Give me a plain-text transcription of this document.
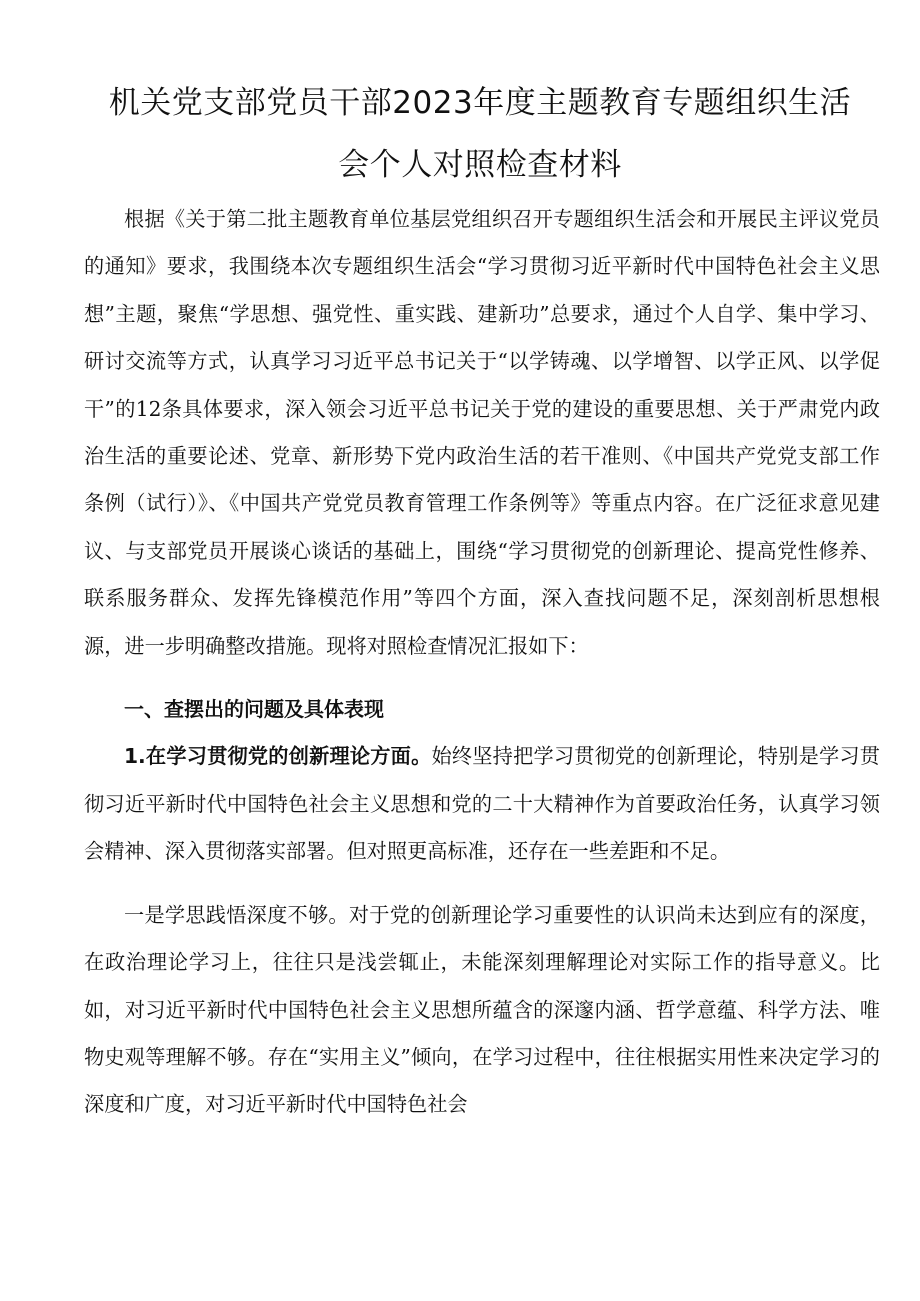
机关党支部党员干部2023年度主题教育专题组织生活
会个人对照检查材料

根据《关于第二批主题教育单位基层党组织召开专题组织生活会和开展民主评议党员的通知》要求，我围绕本次专题组织生活会“学习贯彻习近平新时代中国特色社会主义思想”主题，聚焦“学思想、强党性、重实践、建新功”总要求，通过个人自学、集中学习、研讨交流等方式，认真学习习近平总书记关于“以学铸魂、以学增智、以学正风、以学促干”的12条具体要求，深入领会习近平总书记关于党的建设的重要思想、关于严肃党内政治生活的重要论述、党章、新形势下党内政治生活的若干准则、《中国共产党党支部工作条例（试行）》、《中国共产党党员教育管理工作条例等》等重点内容。在广泛征求意见建议、与支部党员开展谈心谈话的基础上，围绕“学习贯彻党的创新理论、提高党性修养、联系服务群众、发挥先锋模范作用”等四个方面，深入查找问题不足，深刻剖析思想根源，进一步明确整改措施。现将对照检查情况汇报如下：

一、查摆出的问题及具体表现

1.在学习贯彻党的创新理论方面。始终坚持把学习贯彻党的创新理论，特别是学习贯彻习近平新时代中国特色社会主义思想和党的二十大精神作为首要政治任务，认真学习领会精神、深入贯彻落实部署。但对照更高标准，还存在一些差距和不足。

一是学思践悟深度不够。对于党的创新理论学习重要性的认识尚未达到应有的深度，在政治理论学习上，往往只是浅尝辄止，未能深刻理解理论对实际工作的指导意义。比如，对习近平新时代中国特色社会主义思想所蕴含的深邃内涵、哲学意蕴、科学方法、唯物史观等理解不够。存在“实用主义”倾向，在学习过程中，往往根据实用性来决定学习的深度和广度，对习近平新时代中国特色社会
